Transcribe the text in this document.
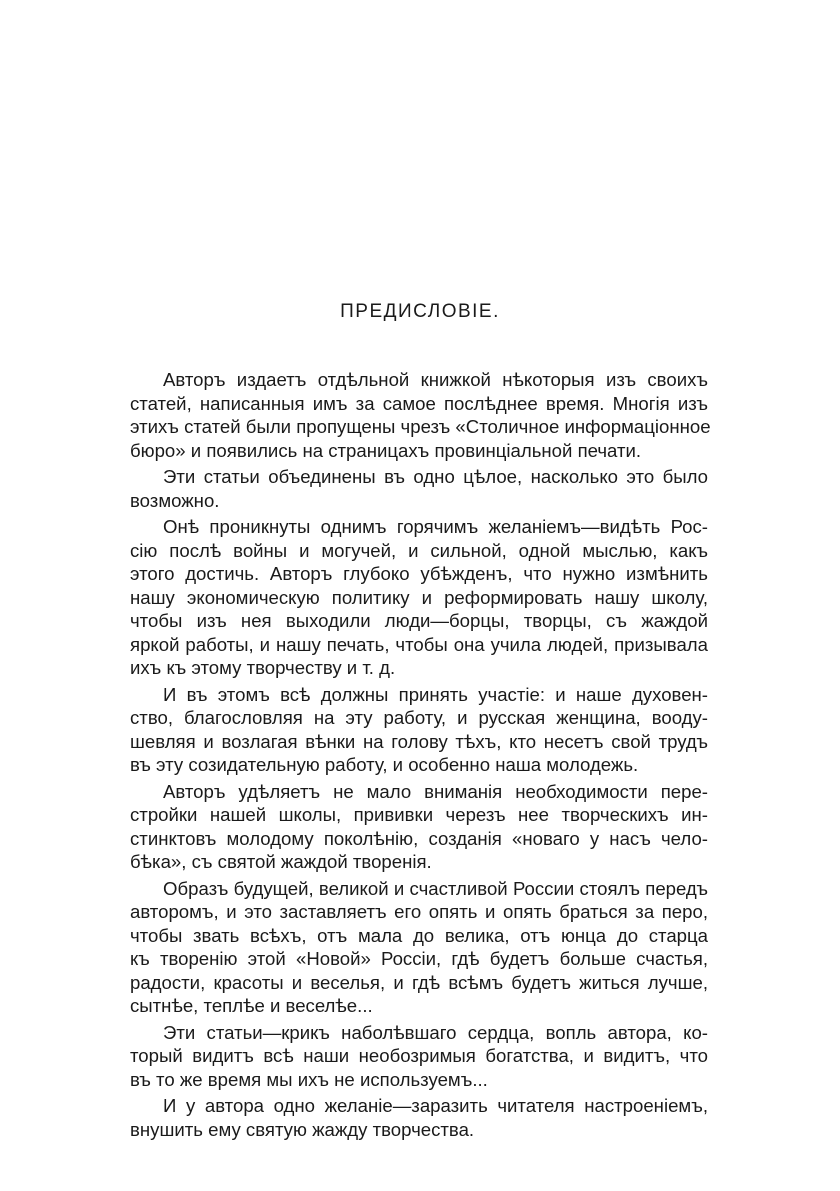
ПРЕДИСЛОВІЕ.

Авторъ издаетъ отдѣльной книжкой нѣкоторыя изъ своихъ
статей, написанныя имъ за самое послѣднее время. Многія изъ
этихъ статей были пропущены чрезъ «Столичное информаціонное
бюро» и появились на страницахъ провинціальной печати.

Эти статьи объединены въ одно цѣлое, насколько это было
возможно.

Онѣ проникнуты однимъ горячимъ желаніемъ—видѣть Рос-
сію послѣ войны и могучей, и сильной, одной мыслью, какъ
этого достичь. Авторъ глубоко убѣжденъ, что нужно измѣнить
нашу экономическую политику и реформировать нашу школу,
чтобы изъ нея выходили люди—борцы, творцы, съ жаждой
яркой работы, и нашу печать, чтобы она учила людей, призывала
ихъ къ этому творчеству и т. д.

И въ этомъ всѣ должны принять участіе: и наше духовен-
ство, благословляя на эту работу, и русская женщина, вооду-
шевляя и возлагая вѣнки на голову тѣхъ, кто несетъ свой трудъ
въ эту созидательную работу, и особенно наша молодежь.

Авторъ удѣляетъ не мало вниманія необходимости пере-
стройки нашей школы, прививки черезъ нее творческихъ ин-
стинктовъ молодому поколѣнію, созданія «новаго у насъ чело-
бѣка», съ святой жаждой творенія.

Образъ будущей, великой и счастливой России стоялъ передъ
авторомъ, и это заставляетъ его опять и опять браться за перо,
чтобы звать всѣхъ, отъ мала до велика, отъ юнца до старца
къ творенію этой «Новой» Россіи, гдѣ будетъ больше счастья,
радости, красоты и веселья, и гдѣ всѣмъ будетъ житься лучше,
сытнѣе, теплѣе и веселѣе...

Эти статьи—крикъ наболѣвшаго сердца, вопль автора, ко-
торый видитъ всѣ наши необозримыя богатства, и видитъ, что
въ то же время мы ихъ не используемъ...

И у автора одно желаніе—заразить читателя настроеніемъ,
внушить ему святую жажду творчества.
